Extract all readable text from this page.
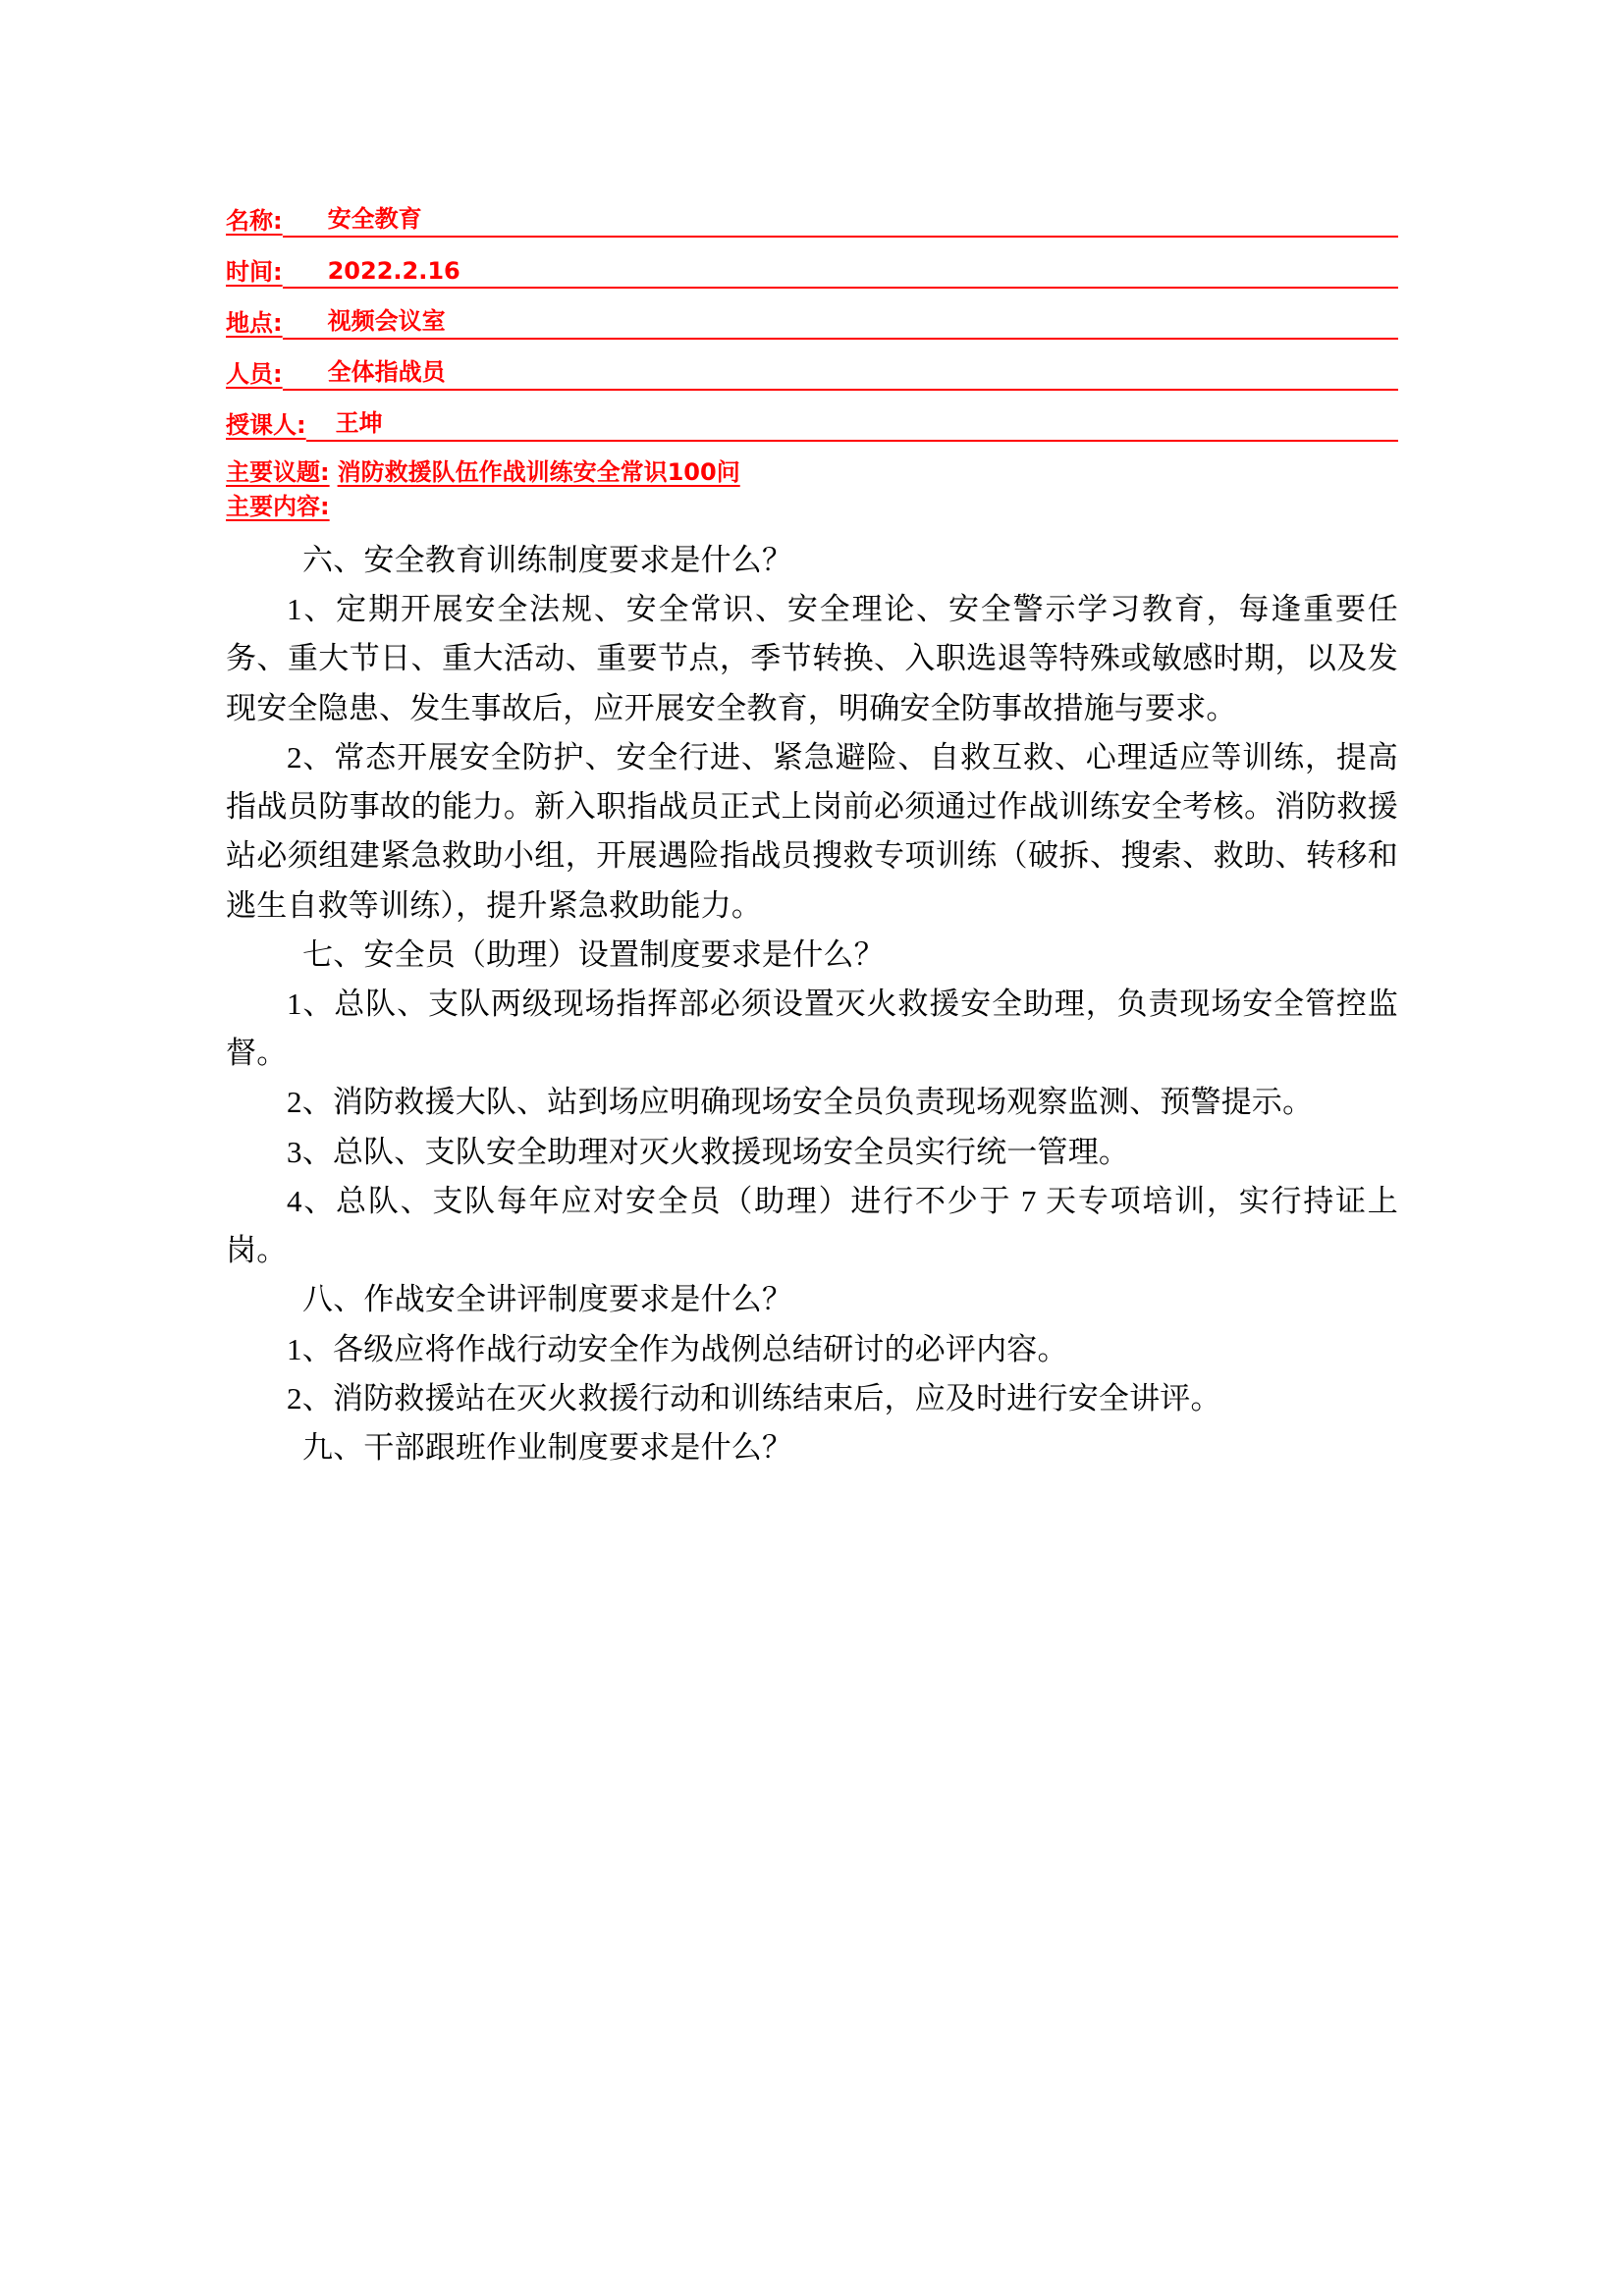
名称:	安全教育
时间:	2022.2.16
地点:	视频会议室
人员:	全体指战员
授课人:	王坤
主要议题: 消防救援队伍作战训练安全常识100问
主要内容:

六、安全教育训练制度要求是什么？

1、定期开展安全法规、安全常识、安全理论、安全警示学习教育，每逢重要任务、重大节日、重大活动、重要节点，季节转换、入职选退等特殊或敏感时期，以及发现安全隐患、发生事故后，应开展安全教育，明确安全防事故措施与要求。

2、常态开展安全防护、安全行进、紧急避险、自救互救、心理适应等训练，提高指战员防事故的能力。新入职指战员正式上岗前必须通过作战训练安全考核。消防救援站必须组建紧急救助小组，开展遇险指战员搜救专项训练（破拆、搜索、救助、转移和逃生自救等训练），提升紧急救助能力。

七、安全员（助理）设置制度要求是什么？

1、总队、支队两级现场指挥部必须设置灭火救援安全助理，负责现场安全管控监督。

2、消防救援大队、站到场应明确现场安全员负责现场观察监测、预警提示。

3、总队、支队安全助理对灭火救援现场安全员实行统一管理。

4、总队、支队每年应对安全员（助理）进行不少于 7 天专项培训，实行持证上岗。

八、作战安全讲评制度要求是什么？

1、各级应将作战行动安全作为战例总结研讨的必评内容。

2、消防救援站在灭火救援行动和训练结束后，应及时进行安全讲评。

九、干部跟班作业制度要求是什么？
